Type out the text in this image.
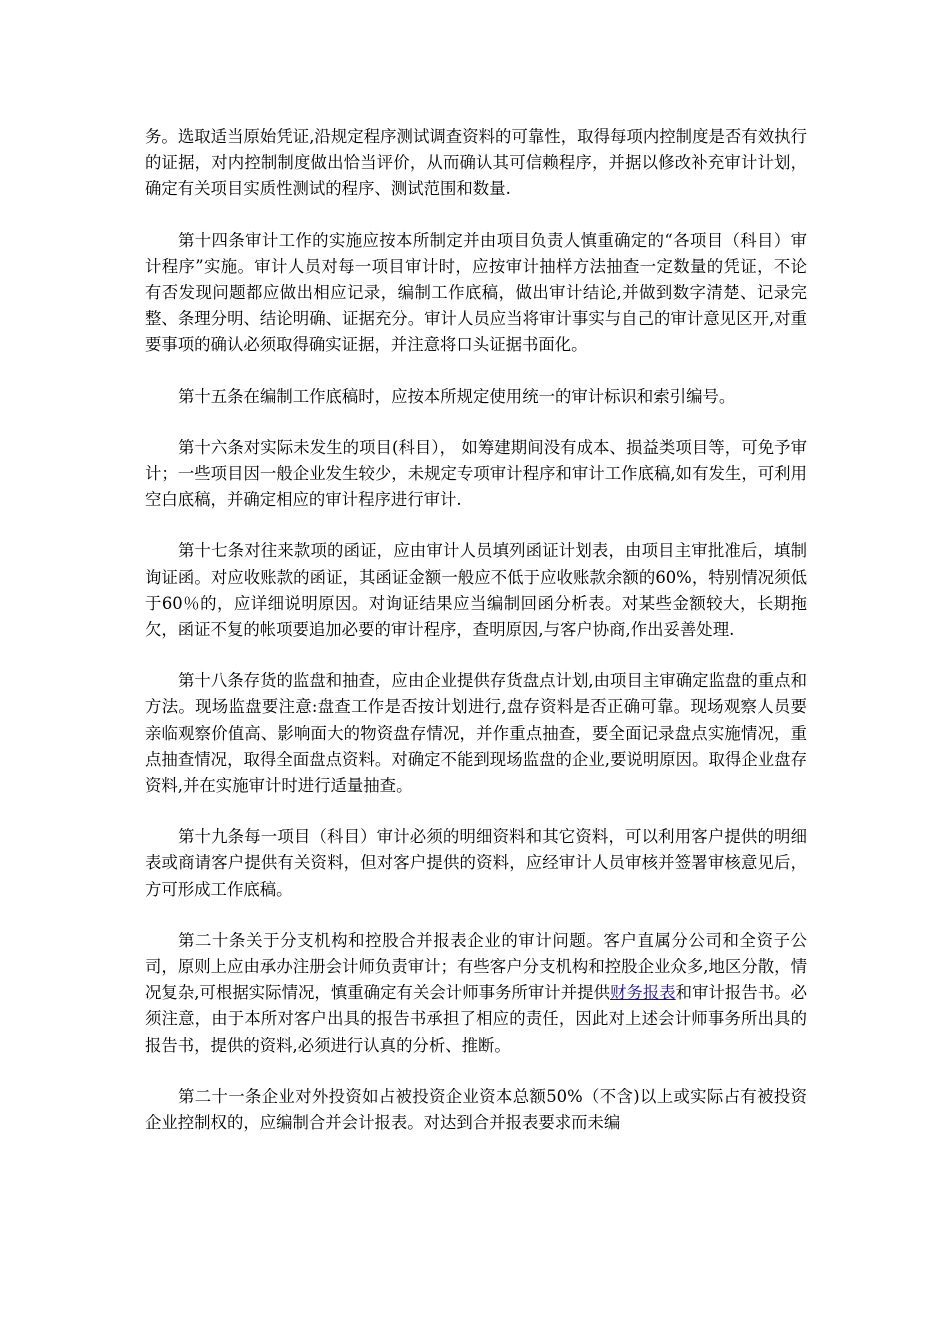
务。选取适当原始凭证,沿规定程序测试调查资料的可靠性，取得每项内控制度是否有效执行的证据，对内控制制度做出恰当评价，从而确认其可信赖程序，并据以修改补充审计计划，确定有关项目实质性测试的程序、测试范围和数量.

第十四条审计工作的实施应按本所制定并由项目负责人慎重确定的“各项目（科目）审计程序”实施。审计人员对每一项目审计时，应按审计抽样方法抽查一定数量的凭证，不论有否发现问题都应做出相应记录，编制工作底稿，做出审计结论,并做到数字清楚、记录完整、条理分明、结论明确、证据充分。审计人员应当将审计事实与自己的审计意见区开,对重要事项的确认必须取得确实证据，并注意将口头证据书面化。

第十五条在编制工作底稿时，应按本所规定使用统一的审计标识和索引编号。

第十六条对实际未发生的项目(科目）， 如筹建期间没有成本、损益类项目等，可免予审计；一些项目因一般企业发生较少，未规定专项审计程序和审计工作底稿,如有发生，可利用空白底稿，并确定相应的审计程序进行审计.

第十七条对往来款项的函证，应由审计人员填列函证计划表，由项目主审批准后，填制询证函。对应收账款的函证，其函证金额一般应不低于应收账款余额的60%，特别情况须低于60％的，应详细说明原因。对询证结果应当编制回函分析表。对某些金额较大，长期拖欠，函证不复的帐项要追加必要的审计程序，查明原因,与客户协商,作出妥善处理.

第十八条存货的监盘和抽查，应由企业提供存货盘点计划,由项目主审确定监盘的重点和方法。现场监盘要注意:盘查工作是否按计划进行,盘存资料是否正确可靠。现场观察人员要亲临观察价值高、影响面大的物资盘存情况，并作重点抽查，要全面记录盘点实施情况，重点抽查情况，取得全面盘点资料。对确定不能到现场监盘的企业,要说明原因。取得企业盘存资料,并在实施审计时进行适量抽查。

第十九条每一项目（科目）审计必须的明细资料和其它资料，可以利用客户提供的明细表或商请客户提供有关资料，但对客户提供的资料，应经审计人员审核并签署审核意见后，方可形成工作底稿。

第二十条关于分支机构和控股合并报表企业的审计问题。客户直属分公司和全资子公司，原则上应由承办注册会计师负责审计；有些客户分支机构和控股企业众多,地区分散，情况复杂,可根据实际情况，慎重确定有关会计师事务所审计并提供财务报表和审计报告书。必须注意，由于本所对客户出具的报告书承担了相应的责任，因此对上述会计师事务所出具的报告书，提供的资料,必须进行认真的分析、推断。

第二十一条企业对外投资如占被投资企业资本总额50%（不含)以上或实际占有被投资企业控制权的，应编制合并会计报表。对达到合并报表要求而未编
